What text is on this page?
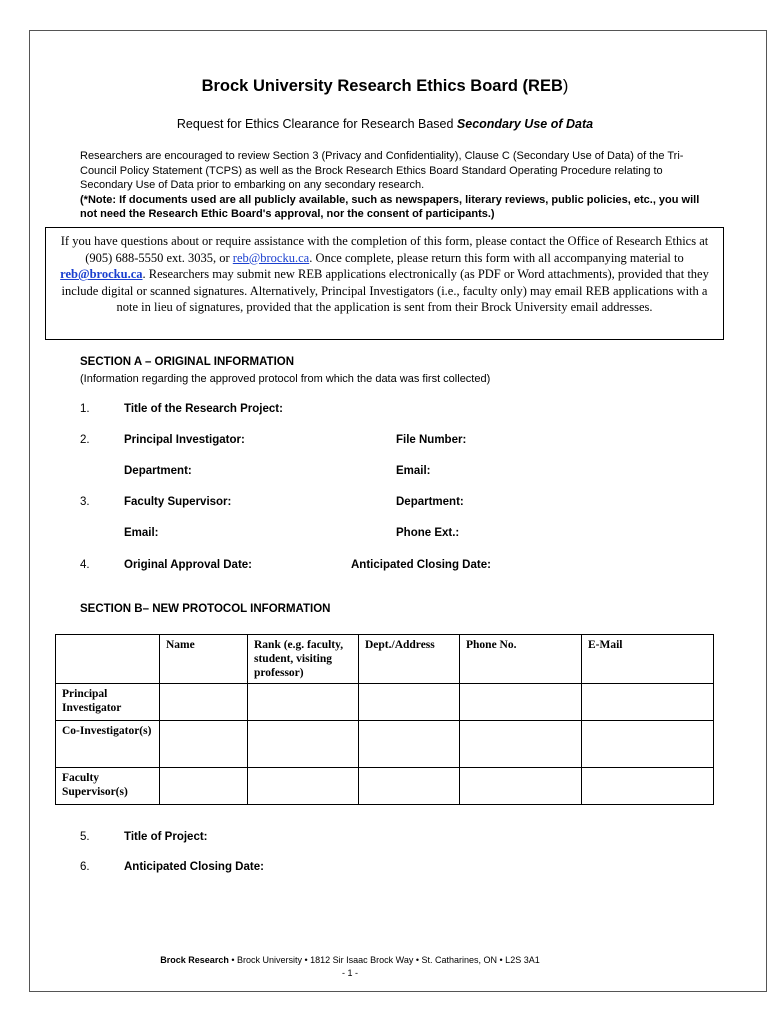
Brock University Research Ethics Board (REB)
Request for Ethics Clearance for Research Based Secondary Use of Data
Researchers are encouraged to review Section 3 (Privacy and Confidentiality), Clause C (Secondary Use of Data) of the Tri-Council Policy Statement (TCPS) as well as the Brock Research Ethics Board Standard Operating Procedure relating to Secondary Use of Data prior to embarking on any secondary research.
(*Note: If documents used are all publicly available, such as newspapers, literary reviews, public policies, etc., you will not need the Research Ethic Board's approval, nor the consent of participants.)
If you have questions about or require assistance with the completion of this form, please contact the Office of Research Ethics at (905) 688-5550 ext. 3035, or reb@brocku.ca. Once complete, please return this form with all accompanying material to reb@brocku.ca. Researchers may submit new REB applications electronically (as PDF or Word attachments), provided that they include digital or scanned signatures. Alternatively, Principal Investigators (i.e., faculty only) may email REB applications with a note in lieu of signatures, provided that the application is sent from their Brock University email addresses.
SECTION A – ORIGINAL INFORMATION
(Information regarding the approved protocol from which the data was first collected)
1.	Title of the Research Project:
2.	Principal Investigator:	File Number:
Department:	Email:
3.	Faculty Supervisor:	Department:
Email:	Phone Ext.:
4.	Original Approval Date:	Anticipated Closing Date:
SECTION B– NEW PROTOCOL INFORMATION
	Name	Rank (e.g. faculty, student, visiting professor)	Dept./Address	Phone No.	E-Mail
Principal Investigator					
Co-Investigator(s)					
Faculty Supervisor(s)					
5.	Title of Project:
6.	Anticipated Closing Date:
Brock Research • Brock University • 1812 Sir Isaac Brock Way • St. Catharines, ON • L2S 3A1
- 1 -
